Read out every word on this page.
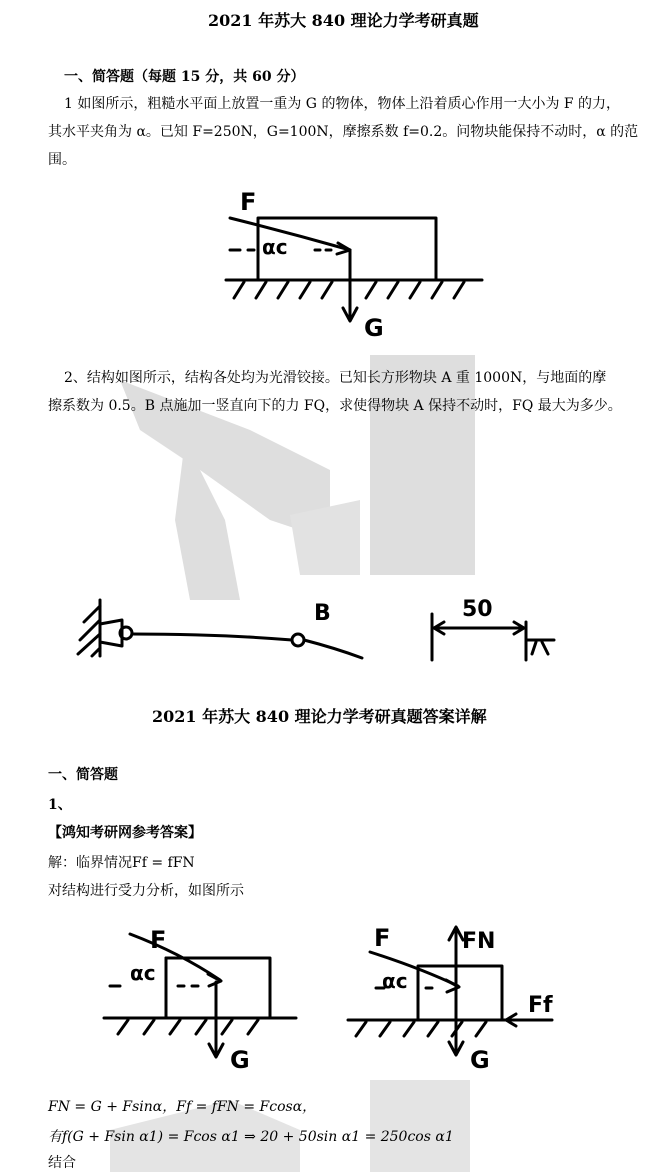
2021 年苏大 840 理论力学考研真题
一、简答题（每题 15 分，共 60 分）
1 如图所示，粗糙水平面上放置一重为 G 的物体，物体上沿着质心作用一大小为 F 的力，
其水平夹角为 α。已知 F=250N，G=100N，摩擦系数 f=0.2。问物块能保持不动时，α 的范
围。
F
αc
G
2、结构如图所示，结构各处均为光滑铰接。已知长方形物块 A 重 1000N，与地面的摩
擦系数为 0.5。B 点施加一竖直向下的力 FQ，求使得物块 A 保持不动时，FQ 最大为多少。
B	50
2021 年苏大 840 理论力学考研真题答案详解
一、简答题
1、
【鸿知考研网参考答案】
解：临界情况Ff = fFN
对结构进行受力分析，如图所示
F
αc
G
F
αc
FN
Ff
G
FN = G + Fsinα，Ff = fFN = Fcosα，
有f(G + Fsin α1) = Fcos α1 ⇒ 20 + 50sin α1 = 250cos α1
结合
